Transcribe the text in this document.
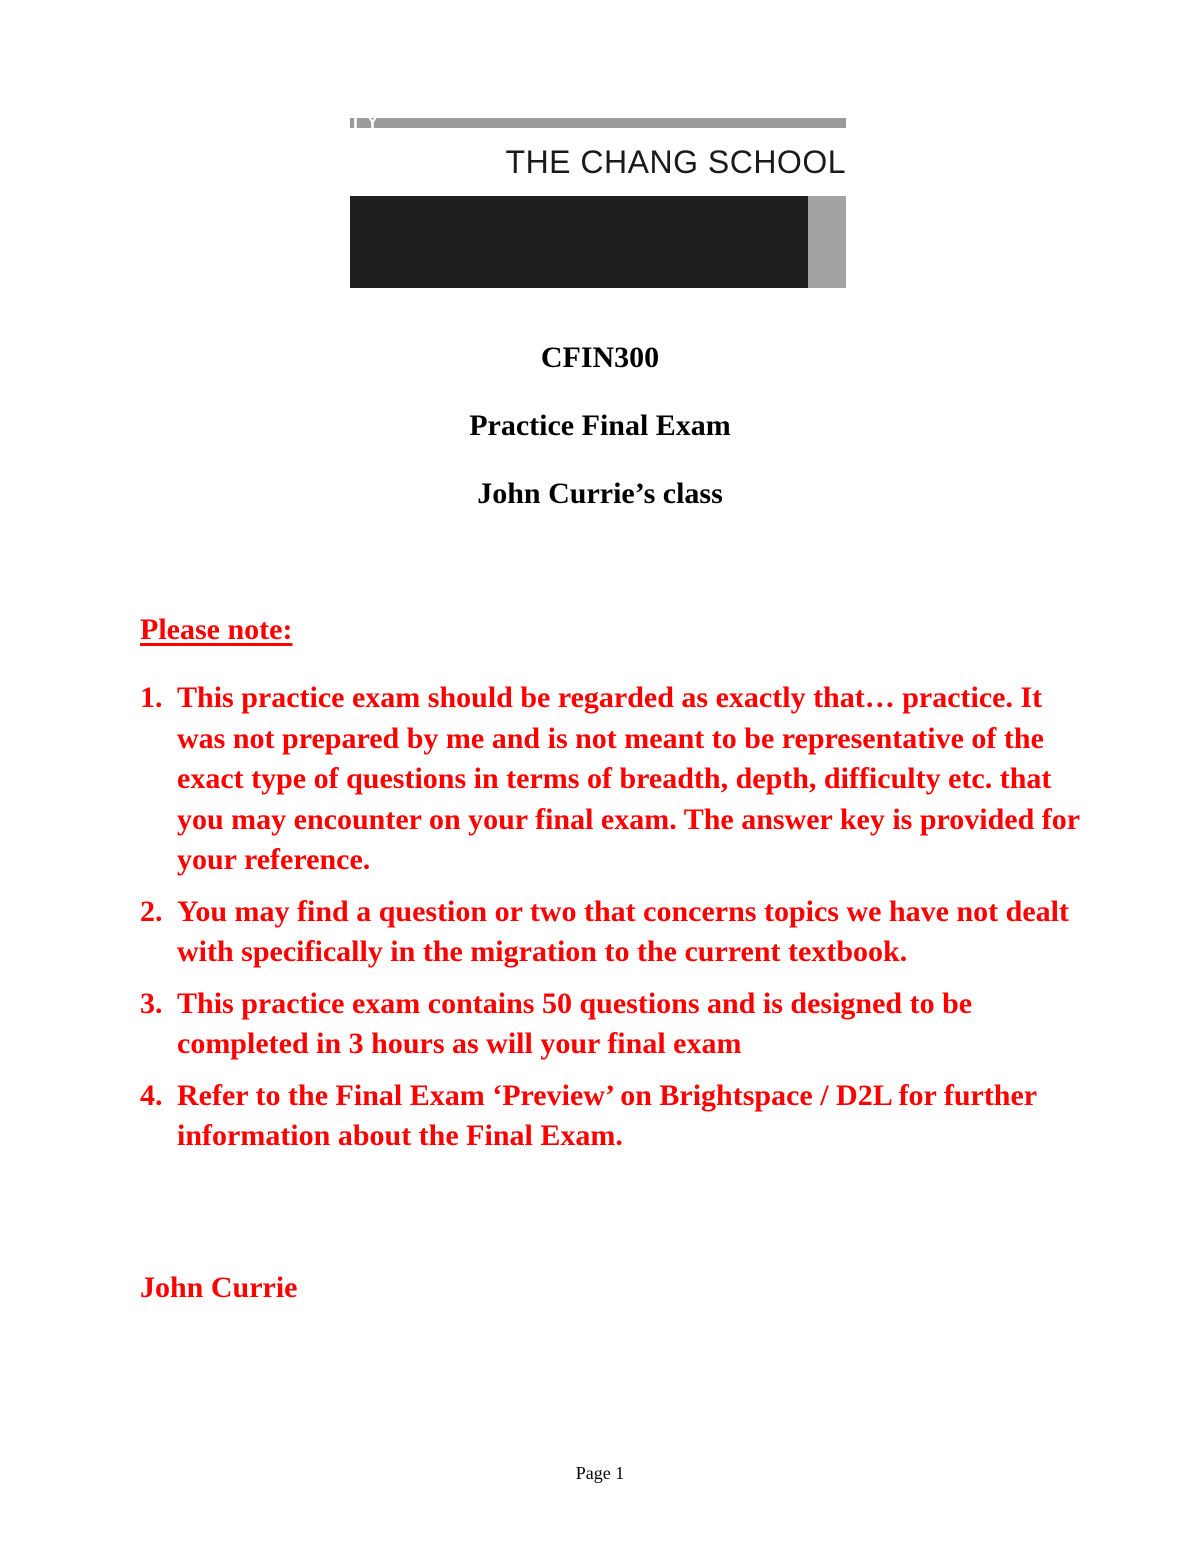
THE CHANG SCHOOL
RYERSON UNIVERSITY
CONTINUING EDUCATION
CFIN300
Practice Final Exam
John Currie’s class
Please note:
1. This practice exam should be regarded as exactly that… practice. It was not prepared by me and is not meant to be representative of the exact type of questions in terms of breadth, depth, difficulty etc. that you may encounter on your final exam. The answer key is provided for your reference.
2. You may find a question or two that concerns topics we have not dealt with specifically in the migration to the current textbook.
3. This practice exam contains 50 questions and is designed to be completed in 3 hours as will your final exam
4. Refer to the Final Exam ‘Preview’ on Brightspace / D2L for further information about the Final Exam.
John Currie
Page 1
